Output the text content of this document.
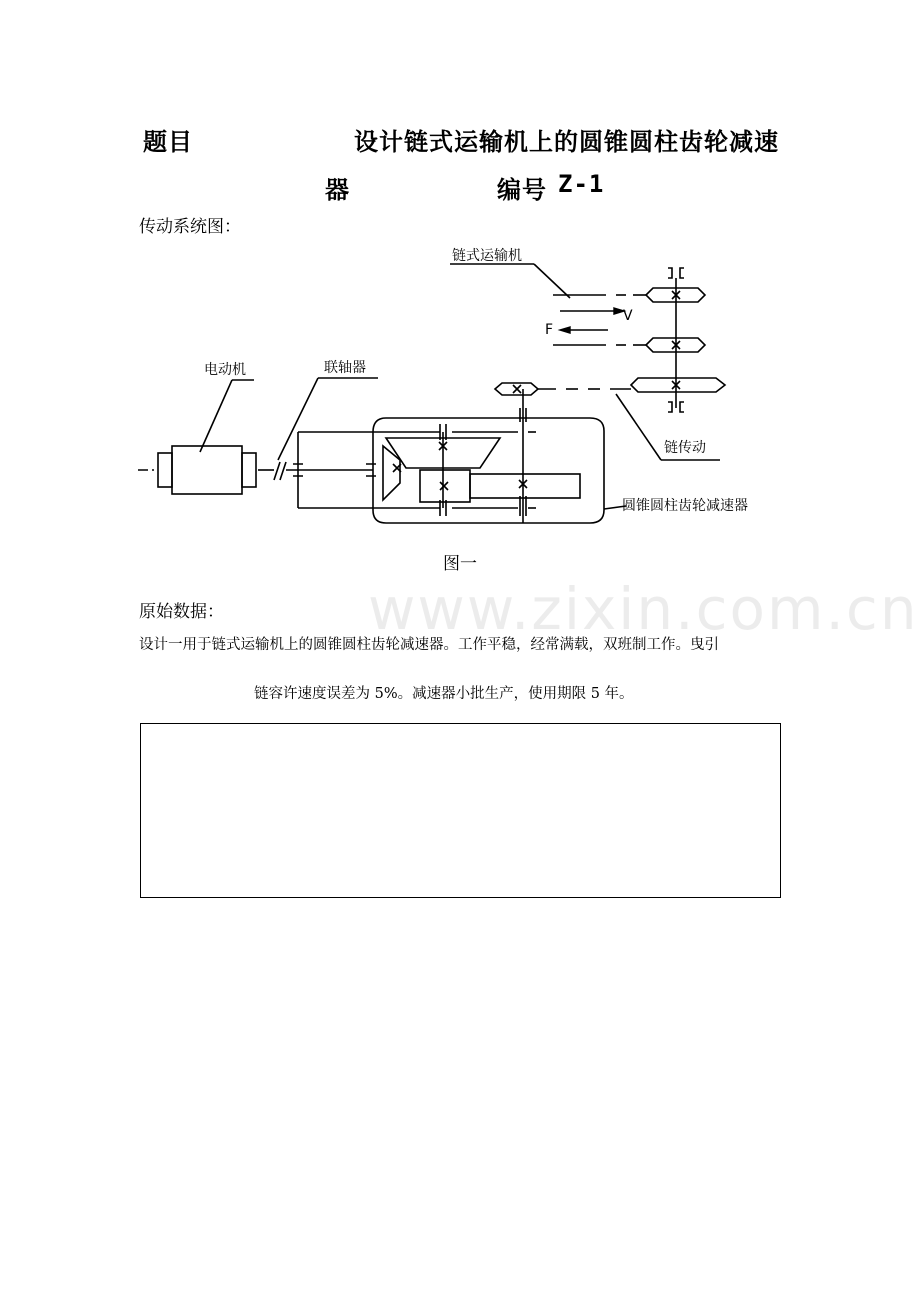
题目	设计链式运输机上的圆锥圆柱齿轮减速
器	编号 Z-1
传动系统图：
链式运输机
电动机	联轴器
链传动
圆锥圆柱齿轮减速器
F
V
图一
www.zixin.com.cn
原始数据：
设计一用于链式运输机上的圆锥圆柱齿轮减速器。工作平稳，经常满载，双班制工作。曳引
链容许速度误差为 5%。减速器小批生产，使用期限 5 年。
